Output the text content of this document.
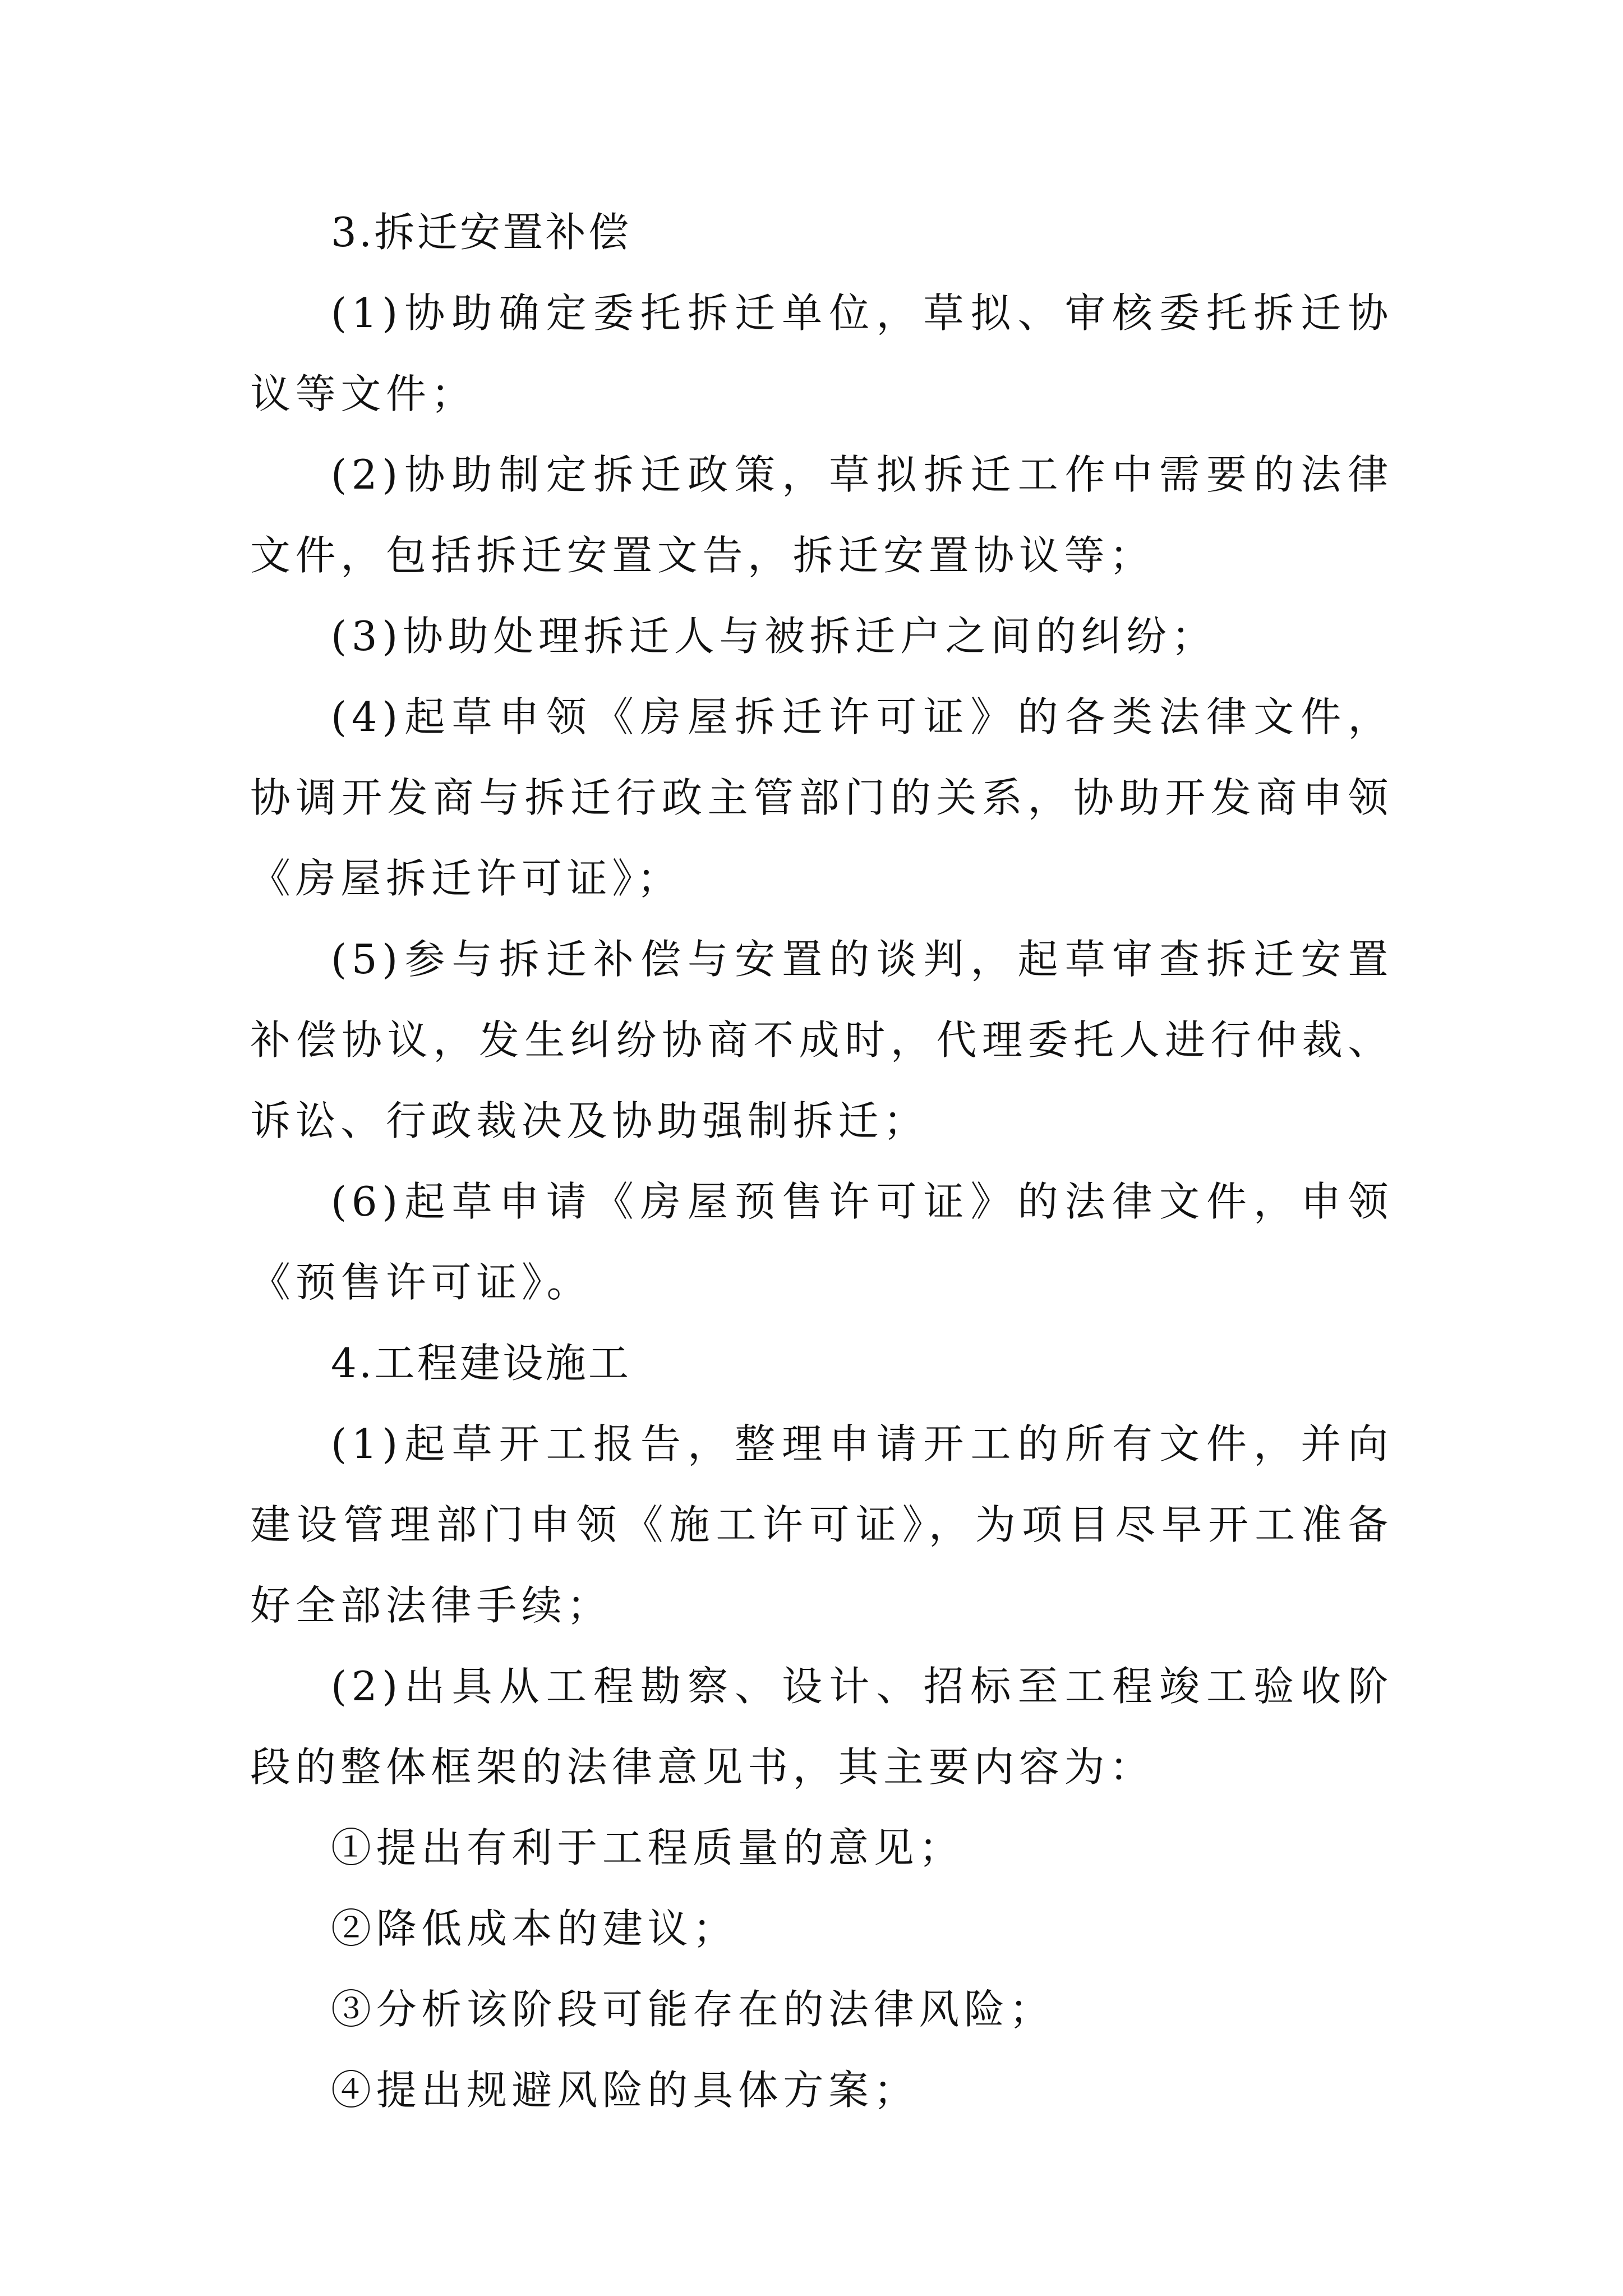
3.拆迁安置补偿

(1)协助确定委托拆迁单位，草拟、审核委托拆迁协议等文件；

(2)协助制定拆迁政策，草拟拆迁工作中需要的法律文件，包括拆迁安置文告，拆迁安置协议等；

(3)协助处理拆迁人与被拆迁户之间的纠纷；

(4)起草申领《房屋拆迁许可证》的各类法律文件，协调开发商与拆迁行政主管部门的关系，协助开发商申领《房屋拆迁许可证》；

(5)参与拆迁补偿与安置的谈判，起草审查拆迁安置补偿协议，发生纠纷协商不成时，代理委托人进行仲裁、诉讼、行政裁决及协助强制拆迁；

(6)起草申请《房屋预售许可证》的法律文件，申领《预售许可证》。

4.工程建设施工

(1)起草开工报告，整理申请开工的所有文件，并向建设管理部门申领《施工许可证》，为项目尽早开工准备好全部法律手续；

(2)出具从工程勘察、设计、招标至工程竣工验收阶段的整体框架的法律意见书，其主要内容为：

①提出有利于工程质量的意见；

②降低成本的建议；

③分析该阶段可能存在的法律风险；

④提出规避风险的具体方案；
